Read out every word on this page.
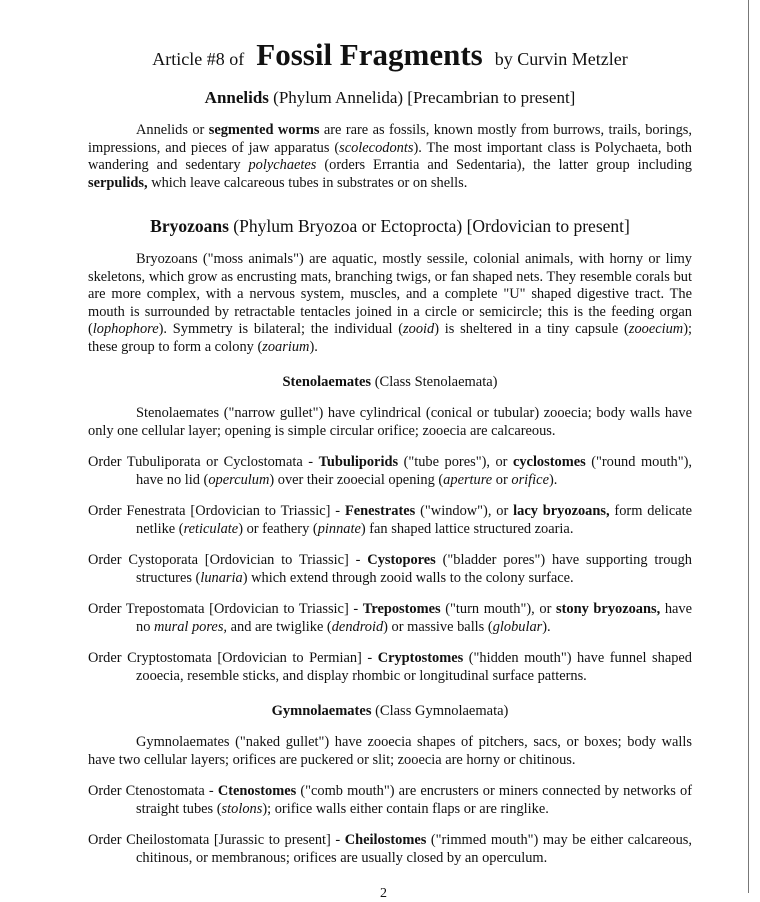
Article #8 of Fossil Fragments by Curvin Metzler
Annelids (Phylum Annelida) [Precambrian to present]

Annelids or segmented worms are rare as fossils, known mostly from burrows, trails, borings, impressions, and pieces of jaw apparatus (scolecodonts). The most important class is Polychaeta, both wandering and sedentary polychaetes (orders Errantia and Sedentaria), the latter group including serpulids, which leave calcareous tubes in substrates or on shells.

Bryozoans (Phylum Bryozoa or Ectoprocta) [Ordovician to present]

Bryozoans ("moss animals") are aquatic, mostly sessile, colonial animals, with horny or limy skeletons, which grow as encrusting mats, branching twigs, or fan shaped nets. They resemble corals but are more complex, with a nervous system, muscles, and a complete "U" shaped digestive tract. The mouth is surrounded by retractable tentacles joined in a circle or semicircle; this is the feeding organ (lophophore). Symmetry is bilateral; the individual (zooid) is sheltered in a tiny capsule (zooecium); these group to form a colony (zoarium).

Stenolaemates (Class Stenolaemata)

Stenolaemates ("narrow gullet") have cylindrical (conical or tubular) zooecia; body walls have only one cellular layer; opening is simple circular orifice; zooecia are calcareous.

Order Tubuliporata or Cyclostomata - Tubuliporids ("tube pores"), or cyclostomes ("round mouth"), have no lid (operculum) over their zooecial opening (aperture or orifice).

Order Fenestrata [Ordovician to Triassic] - Fenestrates ("window"), or lacy bryozoans, form delicate netlike (reticulate) or feathery (pinnate) fan shaped lattice structured zoaria.

Order Cystoporata [Ordovician to Triassic] - Cystopores ("bladder pores") have supporting trough structures (lunaria) which extend through zooid walls to the colony surface.

Order Trepostomata [Ordovician to Triassic] - Trepostomes ("turn mouth"), or stony bryozoans, have no mural pores, and are twiglike (dendroid) or massive balls (globular).

Order Cryptostomata [Ordovician to Permian] - Cryptostomes ("hidden mouth") have funnel shaped zooecia, resemble sticks, and display rhombic or longitudinal surface patterns.

Gymnolaemates (Class Gymnolaemata)

Gymnolaemates ("naked gullet") have zooecia shapes of pitchers, sacs, or boxes; body walls have two cellular layers; orifices are puckered or slit; zooecia are horny or chitinous.

Order Ctenostomata - Ctenostomes ("comb mouth") are encrusters or miners connected by networks of straight tubes (stolons); orifice walls either contain flaps or are ringlike.

Order Cheilostomata [Jurassic to present] - Cheilostomes ("rimmed mouth") may be either calcareous, chitinous, or membranous; orifices are usually closed by an operculum.

2
